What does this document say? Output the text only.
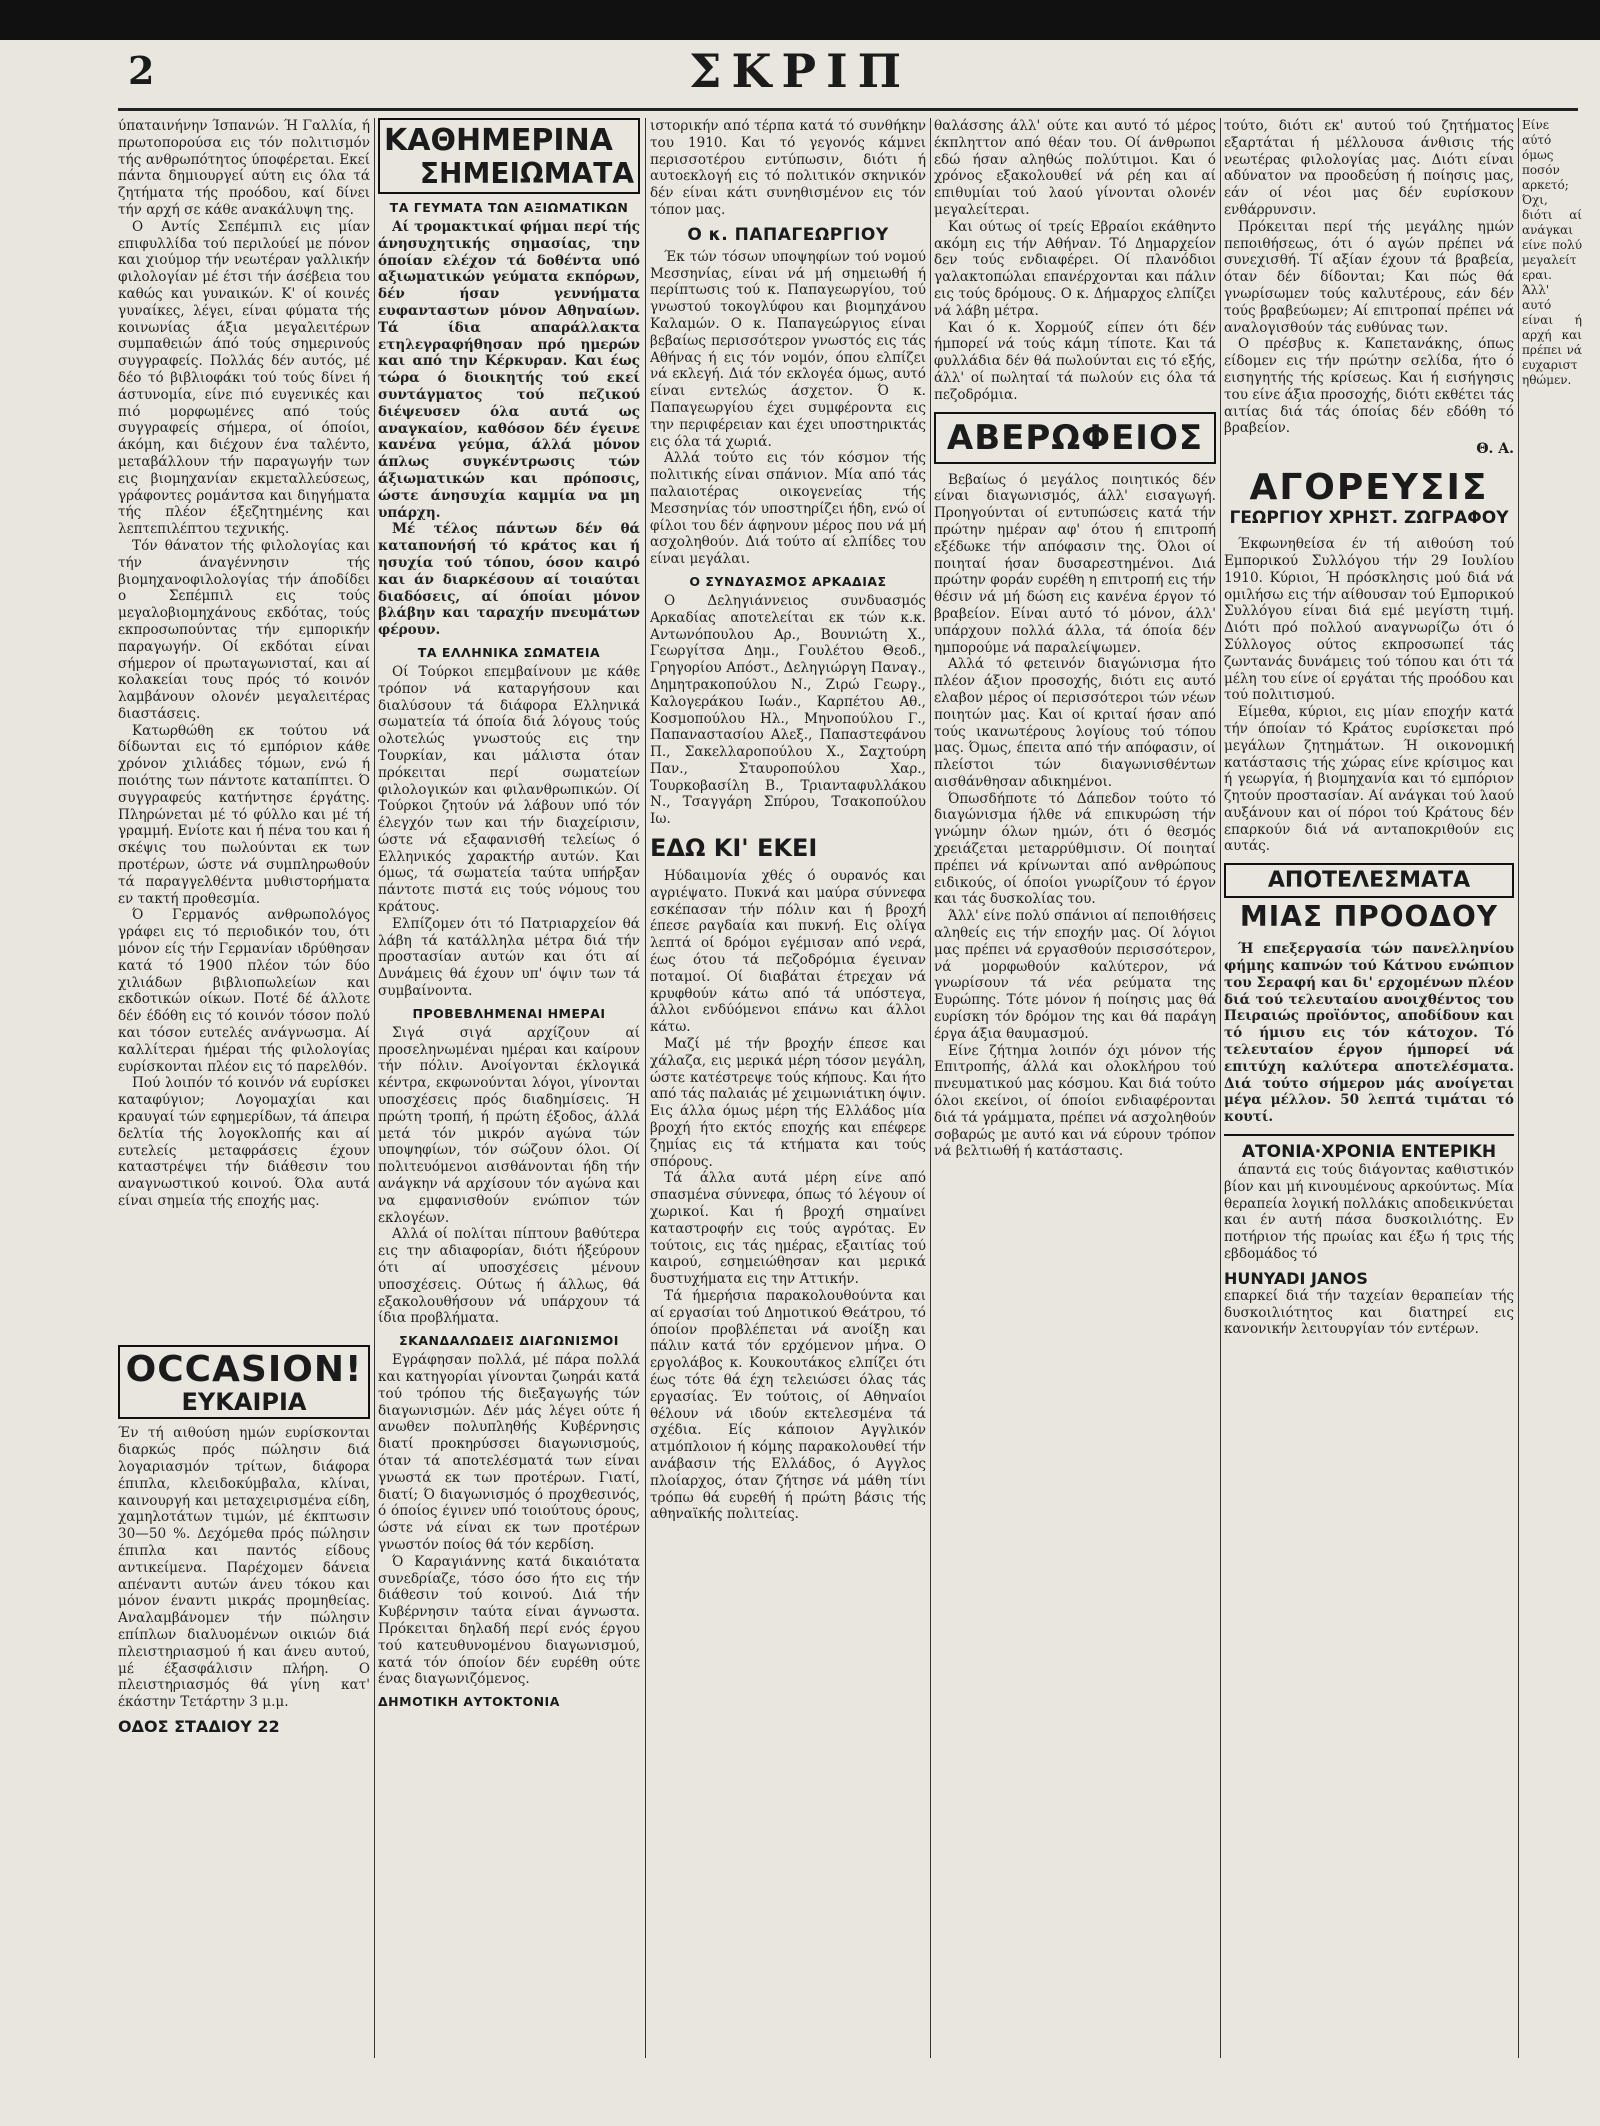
2	ΣΚΡΙΠ
ύπαταινήνην Ίσπανών. Ή Γαλλία, ή πρωτοπορούσα εις τόν πολιτισμόν τής ανθρωπότητος ύποφέρεται. Εκεί πάντα δημιουργεί αύτη εις όλα τά ζητήματα τής προόδου, καί δίνει τήν αρχή σε κάθε ανακάλυψη της.
Ο Αντίς Σεπέμπιλ εις μίαν επιφυλλίδα τού περιλούεί με πόνον και χιούμορ τήν νεωτέραν γαλλικήν φιλολογίαν μέ έτσι τήν άσέβεια του καθώς και γυναικών. Κ' οί κοινές γυναίκες, λέγει, είναι φύματα τής κοινωνίας άξια μεγαλειτέρων συμπαθειών άπό τούς σημερινούς συγγραφείς. Πολλάς δέν αυτός, μέ δέο τό βιβλιοφάκι τού τούς δίνει ή άστυνομία, είνε πιό ευγενικές και πιό μορφωμένες από τούς συγγραφείς σήμερα, οί όποίοι, άκόμη, και διέχουν ένα ταλέντο, μεταβάλλουν τήν παραγωγήν των εις βιομηχανίαν εκμεταλλεύσεως, γράφοντες ρομάντσα και διηγήματα τής πλέον έξεζητημένης και λεπτεπιλέπτου τεχνικής.
Τόν θάνατον τής φιλολογίας και τήν άναγέννησιν τής βιομηχανοφιλολογίας τήν άποδίδει ο Σεπέμπιλ εις τούς μεγαλοβιομηχάνους εκδότας, τούς εκπροσωπούντας τήν εμπορικήν παραγωγήν. Οί εκδόται είναι σήμερον οί πρωταγωνισταί, και αί κολακείαι τους πρός τό κοινόν λαμβάνουν ολονέν μεγαλειτέρας διαστάσεις.
Κατωρθώθη εκ τούτου νά δίδωνται εις τό εμπόριον κάθε χρόνον χιλιάδες τόμων, ενώ ή ποιότης των πάντοτε καταπίπτει. Ό συγγραφεύς κατήντησε έργάτης. Πληρώνεται μέ τό φύλλο και μέ τή γραμμή. Ενίοτε και ή πένα του και ή σκέψις του πωλούνται εκ των προτέρων, ώστε νά συμπληρωθούν τά παραγγελθέντα μυθιστορήματα εν τακτή προθεσμία.
Ό Γερμανός ανθρωπολόγος γράφει εις τό περιοδικόν του, ότι μόνον είς τήν Γερμανίαν ιδρύθησαν κατά τό 1900 πλέον τών δύο χιλιάδων βιβλιοπωλείων και εκδοτικών οίκων. Ποτέ δέ άλλοτε δέν έδόθη εις τό κοινόν τόσον πολύ και τόσον ευτελές ανάγνωσμα. Αί καλλίτεραι ήμέραι τής φιλολογίας ευρίσκονται πλέον εις τό παρελθόν.
Πού λοιπόν τό κοινόν νά ευρίσκει καταφύγιον; Λογομαχίαι και κραυγαί τών εφημερίδων, τά άπειρα δελτία τής λογοκλοπής και αί ευτελείς μεταφράσεις έχουν καταστρέψει τήν διάθεσιν του αναγνωστικού κοινού. Όλα αυτά είναι σημεία τής εποχής μας.
OCCASION!
ΕΥΚΑΙΡΙΑ
Έν τή αιθούση ημών ευρίσκονται διαρκώς πρός πώλησιν διά λογαριασμόν τρίτων, διάφορα έπιπλα, κλειδοκύμβαλα, κλίναι, καινουργή και μεταχειρισμένα είδη, χαμηλοτάτων τιμών, μέ έκπτωσιν 30—50 %. Δεχόμεθα πρός πώλησιν έπιπλα και παντός είδους αντικείμενα. Παρέχομεν δάνεια απέναντι αυτών άνευ τόκου και μόνον έναντι μικράς προμηθείας. Αναλαμβάνομεν τήν πώλησιν επίπλων διαλυομένων οικιών διά πλειστηριασμού ή και άνευ αυτού, μέ έξασφάλισιν πλήρη. Ο πλειστηριασμός θά γίνη κατ' έκάστην Τετάρτην 3 μ.μ.
ΟΔΟΣ ΣΤΑΔΙΟΥ 22
ΚΑΘΗΜΕΡΙΝΑ
ΣΗΜΕΙΩΜΑΤΑ
ΤΑ ΓΕΥΜΑΤΑ ΤΩΝ ΑΞΙΩΜΑΤΙΚΩΝ
Αί τρομακτικαί φήμαι περί τής άνησυχητικής σημασίας, την όποίαν ελέχον τά δοθέντα υπό αξιωματικών γεύματα εκπόρων, δέν ήσαν γεννήματα ευφανταστων μόνον Αθηναίων. Τά ίδια απαράλλακτα ετηλεγραφήθησαν πρό ημερών και από την Κέρκυραν. Και έως τώρα ό διοικητής τού εκεί συντάγματος τού πεζικού διέψευσεν όλα αυτά ως αναγκαίον, καθόσον δέν έγεινε κανένα γεύμα, άλλά μόνον άπλως συγκέντρωσις τών άξιωματικών και πρόποσις, ώστε άνησυχία καμμία να μη υπάρχη.
Μέ τέλος πάντων δέν θά καταπονήσή τό κράτος και ή ησυχία τού τόπου, όσον καιρό και άν διαρκέσουν αί τοιαύται διαδόσεις, αί όποίαι μόνον βλάβην και ταραχήν πνευμάτων φέρουν.
ΤΑ ΕΛΛΗΝΙΚΑ ΣΩΜΑΤΕΙΑ
Οί Τούρκοι επεμβαίνουν με κάθε τρόπον νά καταργήσουν και διαλύσουν τά διάφορα Ελληνικά σωματεία τά όποία διά λόγους τούς ολοτελώς γνωστούς εις την Τουρκίαν, και μάλιστα όταν πρόκειται περί σωματείων φιλολογικών και φιλανθρωπικών. Οί Τούρκοι ζητούν νά λάβουν υπό τόν έλεγχόν των και τήν διαχείρισιν, ώστε νά εξαφανισθή τελείως ό Ελληνικός χαρακτήρ αυτών. Και όμως, τά σωματεία ταύτα υπήρξαν πάντοτε πιστά εις τούς νόμους του κράτους.
Ελπίζομεν ότι τό Πατριαρχείον θά λάβη τά κατάλληλα μέτρα διά τήν προστασίαν αυτών και ότι αί Δυνάμεις θά έχουν υπ' όψιν των τά συμβαίνοντα.
ΠΡΟΒΕΒΛΗΜΕΝΑΙ ΗΜΕΡΑΙ
Σιγά σιγά αρχίζουν αί προσεληνωμέναι ημέραι και καίρουν τήν πόλιν. Ανοίγονται έκλογικά κέντρα, εκφωνούνται λόγοι, γίνονται υποσχέσεις πρός διαδημίσεις. Ή πρώτη τροπή, ή πρώτη έξοδος, άλλά μετά τόν μικρόν αγώνα τών υποψηφίων, τόν σώζουν όλοι. Οί πολιτευόμενοι αισθάνονται ήδη τήν ανάγκην νά αρχίσουν τόν αγώνα και να εμφανισθούν ενώπιον τών εκλογέων.
Αλλά οί πολίται πίπτουν βαθύτερα εις την αδιαφορίαν, διότι ήξεύρουν ότι αί υποσχέσεις μένουν υποσχέσεις. Ούτως ή άλλως, θά εξακολουθήσουν νά υπάρχουν τά ίδια προβλήματα.
ΣΚΑΝΔΑΛΩΔΕΙΣ ΔΙΑΓΩΝΙΣΜΟΙ
Εγράφησαν πολλά, μέ πάρα πολλά και κατηγορίαι γίνονται ζωηράι κατά τού τρόπου τής διεξαγωγής τών διαγωνισμών. Δέν μάς λέγει ούτε ή ανωθεν πολυπληθής Κυβέρνησις διατί προκηρύσσει διαγωνισμούς, όταν τά αποτελέσματά των είναι γνωστά εκ των προτέρων. Γιατί, διατί; Ό διαγωνισμός ό προχθεσινός, ό όποίος έγινεν υπό τοιούτους όρους, ώστε νά είναι εκ των προτέρων γνωστόν ποίος θά τόν κερδίση.
Ό Καραγιάννης κατά δικαιότατα συνεδρίαζε, τόσο όσο ήτο εις τήν διάθεσιν τού κοινού. Διά τήν Κυβέρνησιν ταύτα είναι άγνωστα. Πρόκειται δηλαδή περί ενός έργου τού κατευθυνομένου διαγωνισμού, κατά τόν όποίον δέν ευρέθη ούτε ένας διαγωνιζόμενος.
ΔΗΜΟΤΙΚΗ ΑΥΤΟΚΤΟΝΙΑ
ιστορικήν από τέρπα κατά τό συνθήκην του 1910. Και τό γεγονός κάμνει περισσοτέρου εντύπωσιν, διότι ή αυτοεκλογή εις τό πολιτικόν σκηνικόν δέν είναι κάτι συνηθισμένον εις τόν τόπον μας.
Ο κ. ΠΑΠΑΓΕΩΡΓΙΟΥ
Έκ τών τόσων υποψηφίων τού νομού Μεσσηνίας, είναι νά μή σημειωθή ή περίπτωσις τού κ. Παπαγεωργίου, τού γνωστού τοκογλύφου και βιομηχάνου Καλαμών. Ο κ. Παπαγεώργιος είναι βεβαίως περισσότερον γνωστός εις τάς Αθήνας ή εις τόν νομόν, όπου ελπίζει νά εκλεγή. Διά τόν εκλογέα όμως, αυτό είναι εντελώς άσχετον. Ό κ. Παπαγεωργίου έχει συμφέροντα εις την περιφέρειαν και έχει υποστηρικτάς εις όλα τά χωριά.
Αλλά τούτο εις τόν κόσμον τής πολιτικής είναι σπάνιον. Μία από τάς παλαιοτέρας οικογενείας τής Μεσσηνίας τόν υποστηρίζει ήδη, ενώ οί φίλοι του δέν άφηνουν μέρος που νά μή ασχοληθούν. Διά τούτο αί ελπίδες του είναι μεγάλαι.
Ο ΣΥΝΔΥΑΣΜΟΣ ΑΡΚΑΔΙΑΣ
Ο Δεληγιάννειος συνδυασμός Αρκαδίας αποτελείται εκ τών κ.κ. Αντωνόπουλου Αρ., Βουνιώτη Χ., Γεωργίτσα Δημ., Γουλέτου Θεοδ., Γρηγορίου Απόστ., Δεληγιώργη Παναγ., Δημητρακοπούλου Ν., Ζιρώ Γεωργ., Καλογεράκου Ιωάν., Καρπέτου Αθ., Κοσμοπούλου Ηλ., Μηνοπούλου Γ., Παπαναστασίου Αλεξ., Παπαστεφάνου Π., Σακελλαροπούλου Χ., Σαχτούρη Παν., Σταυροπούλου Χαρ., Τουρκοβασίλη Β., Τριανταφυλλάκου Ν., Τσαγγάρη Σπύρου, Τσακοπούλου Ιω.
ΕΔΩ ΚΙ' ΕΚΕΙ
Ηύδαιμονία χθές ό ουρανός και αγριέψατο. Πυκνά και μαύρα σύννεφα εσκέπασαν τήν πόλιν και ή βροχή έπεσε ραγδαία και πυκνή. Εις ολίγα λεπτά οί δρόμοι εγέμισαν από νερά, έως ότου τά πεζοδρόμια έγειναν ποταμοί. Οί διαβάται έτρεχαν νά κρυφθούν κάτω από τά υπόστεγα, άλλοι ενδύόμενοι επάνω και άλλοι κάτω.
Μαζί μέ τήν βροχήν έπεσε και χάλαζα, εις μερικά μέρη τόσον μεγάλη, ώστε κατέστρεψε τούς κήπους. Και ήτο από τάς παλαιάς μέ χειμωνιάτικη όψιν. Εις άλλα όμως μέρη τής Ελλάδος μία βροχή ήτο εκτός εποχής και επέφερε ζημίας εις τά κτήματα και τούς σπόρους.
Τά άλλα αυτά μέρη είνε από σπασμένα σύννεφα, όπως τό λέγουν οί χωρικοί. Και ή βροχή σημαίνει καταστροφήν εις τούς αγρότας. Εν τούτοις, εις τάς ημέρας, εξαιτίας τού καιρού, εσημειώθησαν και μερικά δυστυχήματα εις την Αττικήν.
Τά ήμερήσια παρακολουθούντα και αί εργασίαι τού Δημοτικού Θεάτρου, τό όποίον προβλέπεται νά ανοίξη και πάλιν κατά τόν ερχόμενον μήνα. Ο εργολάβος κ. Κουκουτάκος ελπίζει ότι έως τότε θά έχη τελειώσει όλας τάς εργασίας. Έν τούτοις, οί Αθηναίοι θέλουν νά ιδούν εκτελεσμένα τά σχέδια. Είς κάποιον Αγγλικόν ατμόπλοιον ή κόμης παρακολουθεί τήν ανάβασιν τής Ελλάδος, ό Αγγλος πλοίαρχος, όταν ζήτησε νά μάθη τίνι τρόπω θά ευρεθή ή πρώτη βάσις τής αθηναϊκής πολιτείας.
θαλάσσης άλλ' ούτε και αυτό τό μέρος έκπληττον από θέαν του. Οί άνθρωποι εδώ ήσαν αληθώς πολύτιμοι. Και ό χρόνος εξακολουθεί νά ρέη και αί επιθυμίαι τού λαού γίνονται ολονέν μεγαλείτεραι.
Και ούτως οί τρείς Εβραίοι εκάθηντο ακόμη εις τήν Αθήναν. Τό Δημαρχείον δεν τούς ενδιαφέρει. Οί πλανόδιοι γαλακτοπώλαι επανέρχονται και πάλιν εις τούς δρόμους. Ο κ. Δήμαρχος ελπίζει νά λάβη μέτρα.
Και ό κ. Χορμούζ είπεν ότι δέν ήμπορεί νά τούς κάμη τίποτε. Και τά φυλλάδια δέν θά πωλούνται εις τό εξής, άλλ' οί πωληταί τά πωλούν εις όλα τά πεζοδρόμια.
ΑΒΕΡΩΦΕΙΟΣ
Βεβαίως ό μεγάλος ποιητικός δέν είναι διαγωνισμός, άλλ' εισαγωγή. Προηγούνται οί εντυπώσεις κατά τήν πρώτην ημέραν αφ' ότου ή επιτροπή εξέδωκε τήν απόφασιν της. Όλοι οί ποιηταί ήσαν δυσαρεστημένοι. Διά πρώτην φοράν ευρέθη η επιτροπή εις τήν θέσιν νά μή δώση εις κανένα έργον τό βραβείον. Είναι αυτό τό μόνον, άλλ' υπάρχουν πολλά άλλα, τά όποία δέν ημπορούμε νά παραλείψωμεν.
Αλλά τό φετεινόν διαγώνισμα ήτο πλέον άξιον προσοχής, διότι εις αυτό ελαβον μέρος οί περισσότεροι τών νέων ποιητών μας. Και οί κριταί ήσαν από τούς ικανωτέρους λογίους τού τόπου μας. Όμως, έπειτα από τήν απόφασιν, οί πλείστοι τών διαγωνισθέντων αισθάνθησαν αδικημένοι.
Όπωσδήποτε τό Δάπεδον τούτο τό διαγώνισμα ήλθε νά επικυρώση τήν γνώμην όλων ημών, ότι ό θεσμός χρειάζεται μεταρρύθμισιν. Οί ποιηταί πρέπει νά κρίνωνται από ανθρώπους ειδικούς, οί όποίοι γνωρίζουν τό έργον και τάς δυσκολίας του.
Άλλ' είνε πολύ σπάνιοι αί πεποιθήσεις αληθείς εις τήν εποχήν μας. Οί λόγιοι μας πρέπει νά εργασθούν περισσότερον, νά μορφωθούν καλύτερον, νά γνωρίσουν τά νέα ρεύματα της Ευρώπης. Τότε μόνον ή ποίησις μας θά ευρίσκη τόν δρόμον της και θά παράγη έργα άξια θαυμασμού.
Είνε ζήτημα λοιπόν όχι μόνον τής Επιτροπής, άλλά και ολοκλήρου τού πνευματικού μας κόσμου. Και διά τούτο όλοι εκείνοι, οί όποίοι ενδιαφέρονται διά τά γράμματα, πρέπει νά ασχοληθούν σοβαρώς με αυτό και νά εύρουν τρόπον νά βελτιωθή ή κατάστασις.
τούτο, διότι εκ' αυτού τού ζητήματος εξαρτάται ή μέλλουσα άνθισις τής νεωτέρας φιλολογίας μας. Διότι είναι αδύνατον να προοδεύση ή ποίησις μας, εάν οί νέοι μας δέν ευρίσκουν ενθάρρυνσιν.
Πρόκειται περί τής μεγάλης ημών πεποιθήσεως, ότι ό αγών πρέπει νά συνεχισθή. Τί αξίαν έχουν τά βραβεία, όταν δέν δίδονται; Και πώς θά γνωρίσωμεν τούς καλυτέρους, εάν δέν τούς βραβεύωμεν; Αί επιτροπαί πρέπει νά αναλογισθούν τάς ευθύνας των.
Ο πρέσβυς κ. Καπετανάκης, όπως είδομεν εις τήν πρώτην σελίδα, ήτο ό εισηγητής τής κρίσεως. Και ή εισήγησις του είνε άξια προσοχής, διότι εκθέτει τάς αιτίας διά τάς όποίας δέν εδόθη τό βραβείον.
Θ. Α.
ΑΓΟΡΕΥΣΙΣ
ΓΕΩΡΓΙΟΥ ΧΡΗΣΤ. ΖΩΓΡΑΦΟΥ
Έκφωνηθείσα έν τή αιθούση τού Εμπορικού Συλλόγου τήν 29 Ιουλίου 1910. Κύριοι, Ή πρόσκλησις μού διά νά ομιλήσω εις τήν αίθουσαν τού Εμπορικού Συλλόγου είναι διά εμέ μεγίστη τιμή. Διότι πρό πολλού αναγνωρίζω ότι ό Σύλλογος ούτος εκπροσωπεί τάς ζωντανάς δυνάμεις τού τόπου και ότι τά μέλη του είνε οί εργάται τής προόδου και τού πολιτισμού.
Είμεθα, κύριοι, εις μίαν εποχήν κατά τήν όποίαν τό Κράτος ευρίσκεται πρό μεγάλων ζητημάτων. Ή οικονομική κατάστασις τής χώρας είνε κρίσιμος και ή γεωργία, ή βιομηχανία και τό εμπόριον ζητούν προστασίαν. Αί ανάγκαι τού λαού αυξάνουν και οί πόροι τού Κράτους δέν επαρκούν διά νά ανταποκριθούν εις αυτάς.
ΑΠΟΤΕΛΕΣΜΑΤΑ
ΜΙΑΣ ΠΡΟΟΔΟΥ
Ή επεξεργασία τών πανελληνίου φήμης καπνών τού Κάτνου ενώπιον του Σεραφή και δι' ερχομένων πλέον διά τού τελευταίου ανοιχθέντος του Πειραιώς προϊόντος, αποδίδουν και τό ήμισυ εις τόν κάτοχον. Τό τελευταίον έργον ήμπορεί νά επιτύχη καλύτερα αποτελέσματα. Διά τούτο σήμερον μάς ανοίγεται μέγα μέλλον. 50 λεπτά τιμάται τό κουτί.
ΑΤΟΝΙΑ·ΧΡΟΝΙΑ ΕΝΤΕΡΙΚΗ
άπαντά εις τούς διάγοντας καθιστικόν βίον και μή κινουμένους αρκούντως. Μία θεραπεία λογική πολλάκις αποδεικνύεται και έν αυτή πάσα δυσκοιλιότης. Εν ποτήριον τής πρωίας και έξω ή τρις τής εβδομάδος τό
HUNYADI JANOS
επαρκεί διά τήν ταχείαν θεραπείαν τής δυσκοιλιότητος και διατηρεί εις κανονικήν λειτουργίαν τόν εντέρων.
Είνε αύτό όμως ποσόν αρκετό; Όχι, διότι αί ανάγκαι είνε πολύ μεγαλείτεραι. Άλλ' αυτό είναι ή αρχή και πρέπει νά ευχαριστηθώμεν.
